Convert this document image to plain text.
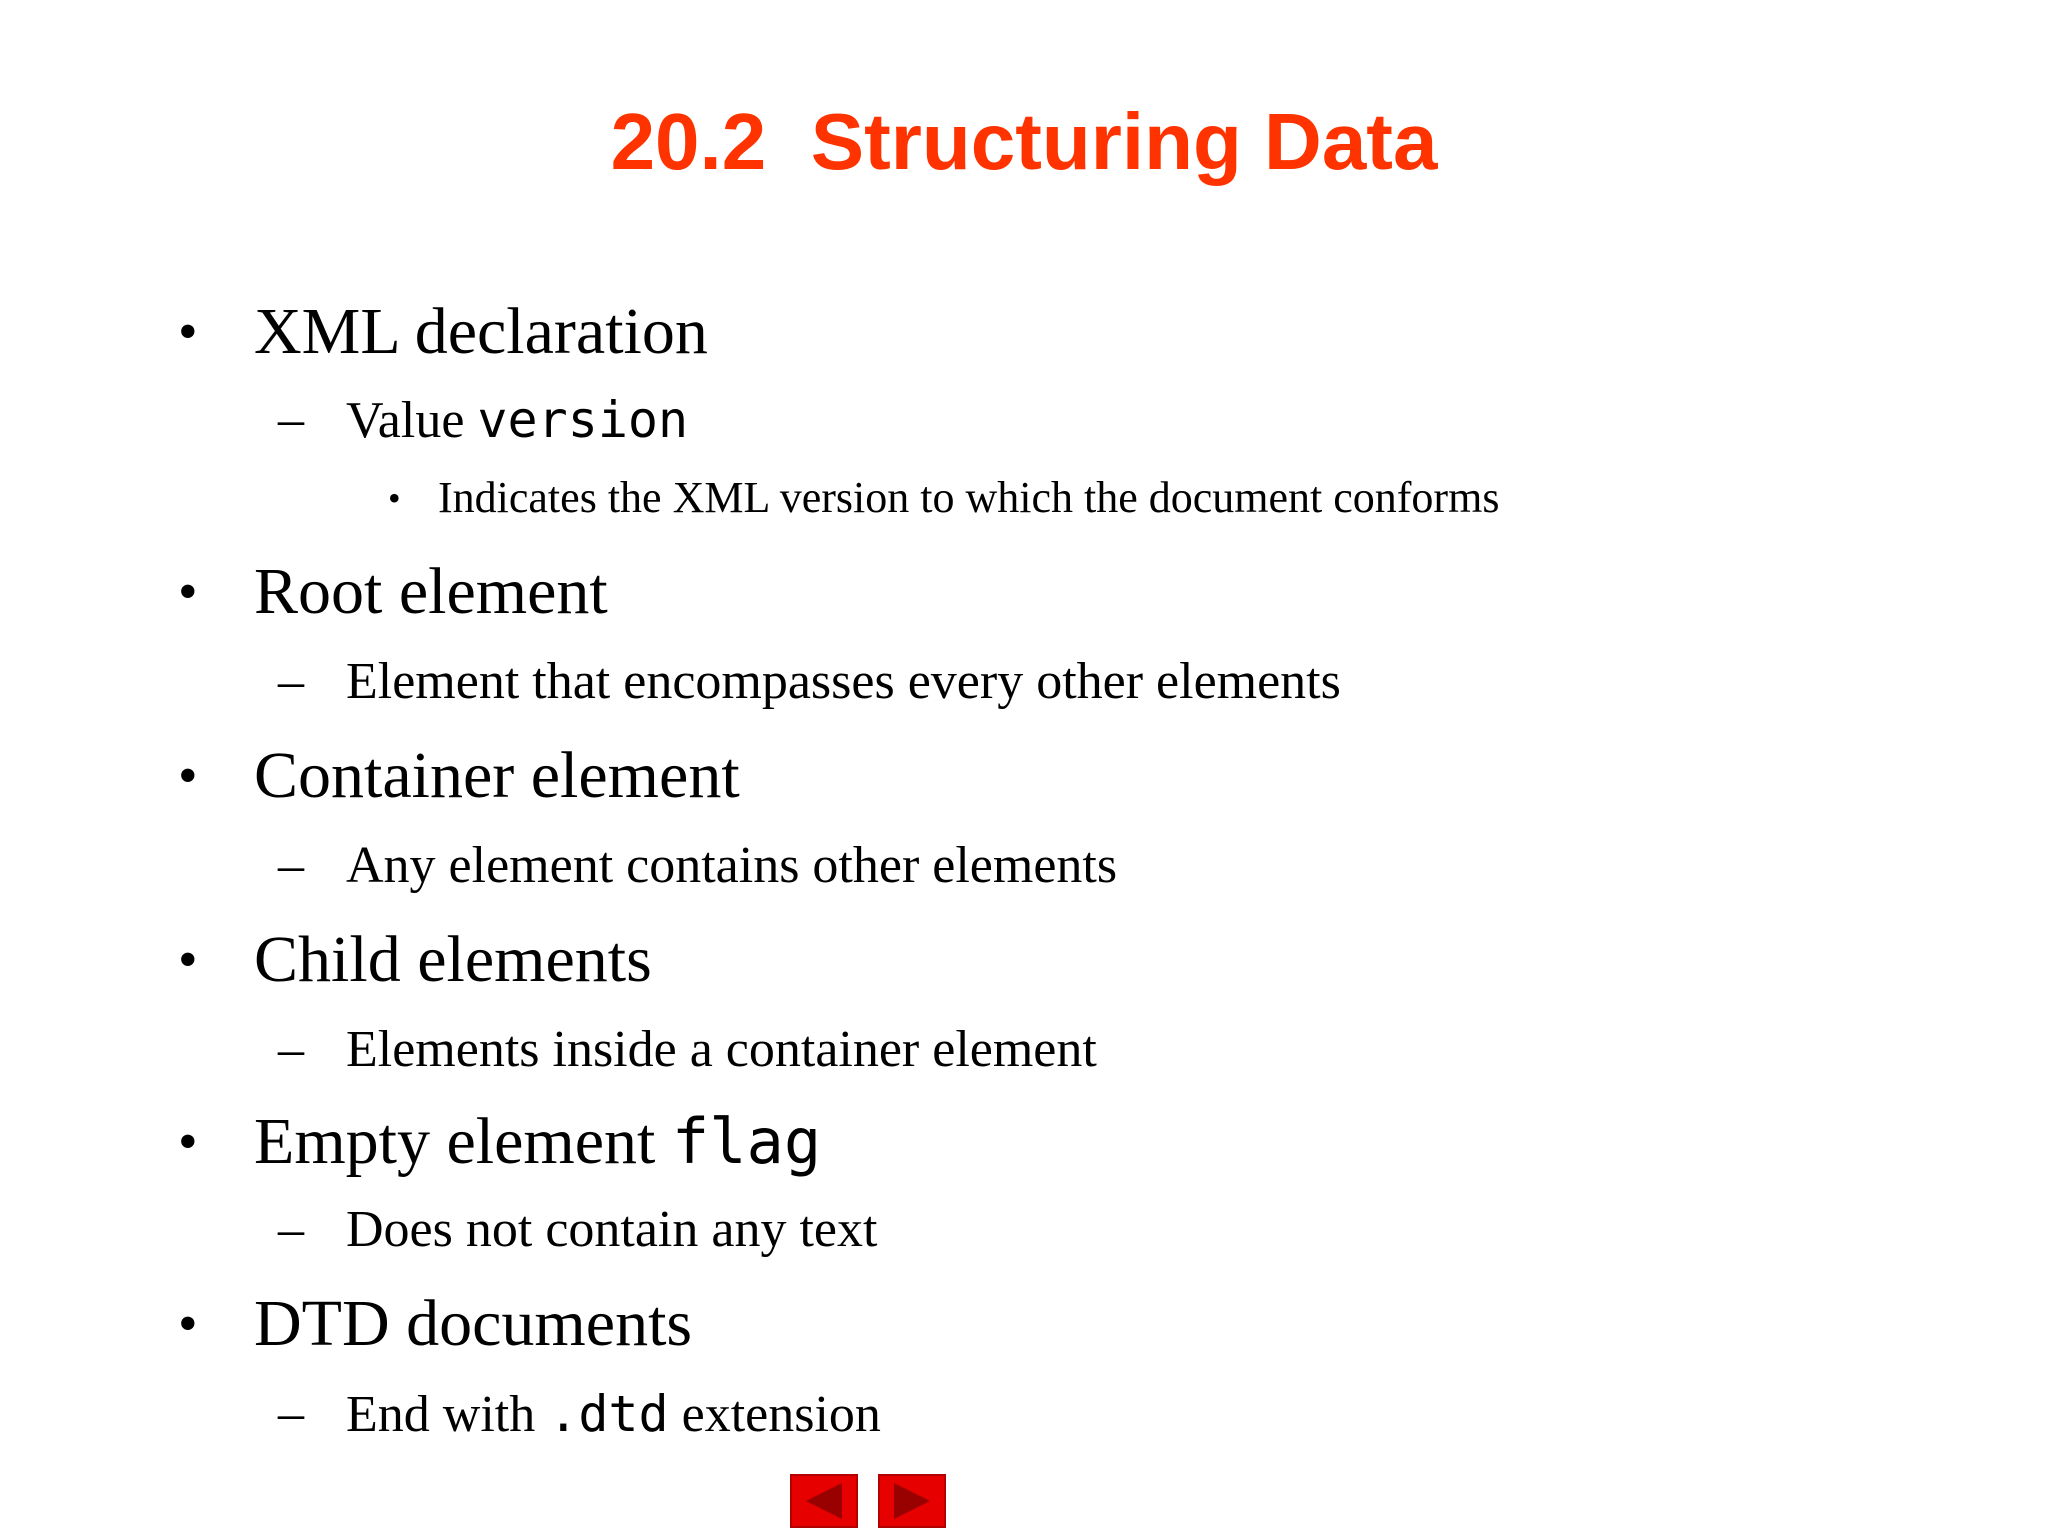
20.2  Structuring Data
• XML declaration
– Value version
• Indicates the XML version to which the document conforms
• Root element
– Element that encompasses every other elements
• Container element
– Any element contains other elements
• Child elements
– Elements inside a container element
• Empty element flag
– Does not contain any text
• DTD documents
– End with .dtd extension
